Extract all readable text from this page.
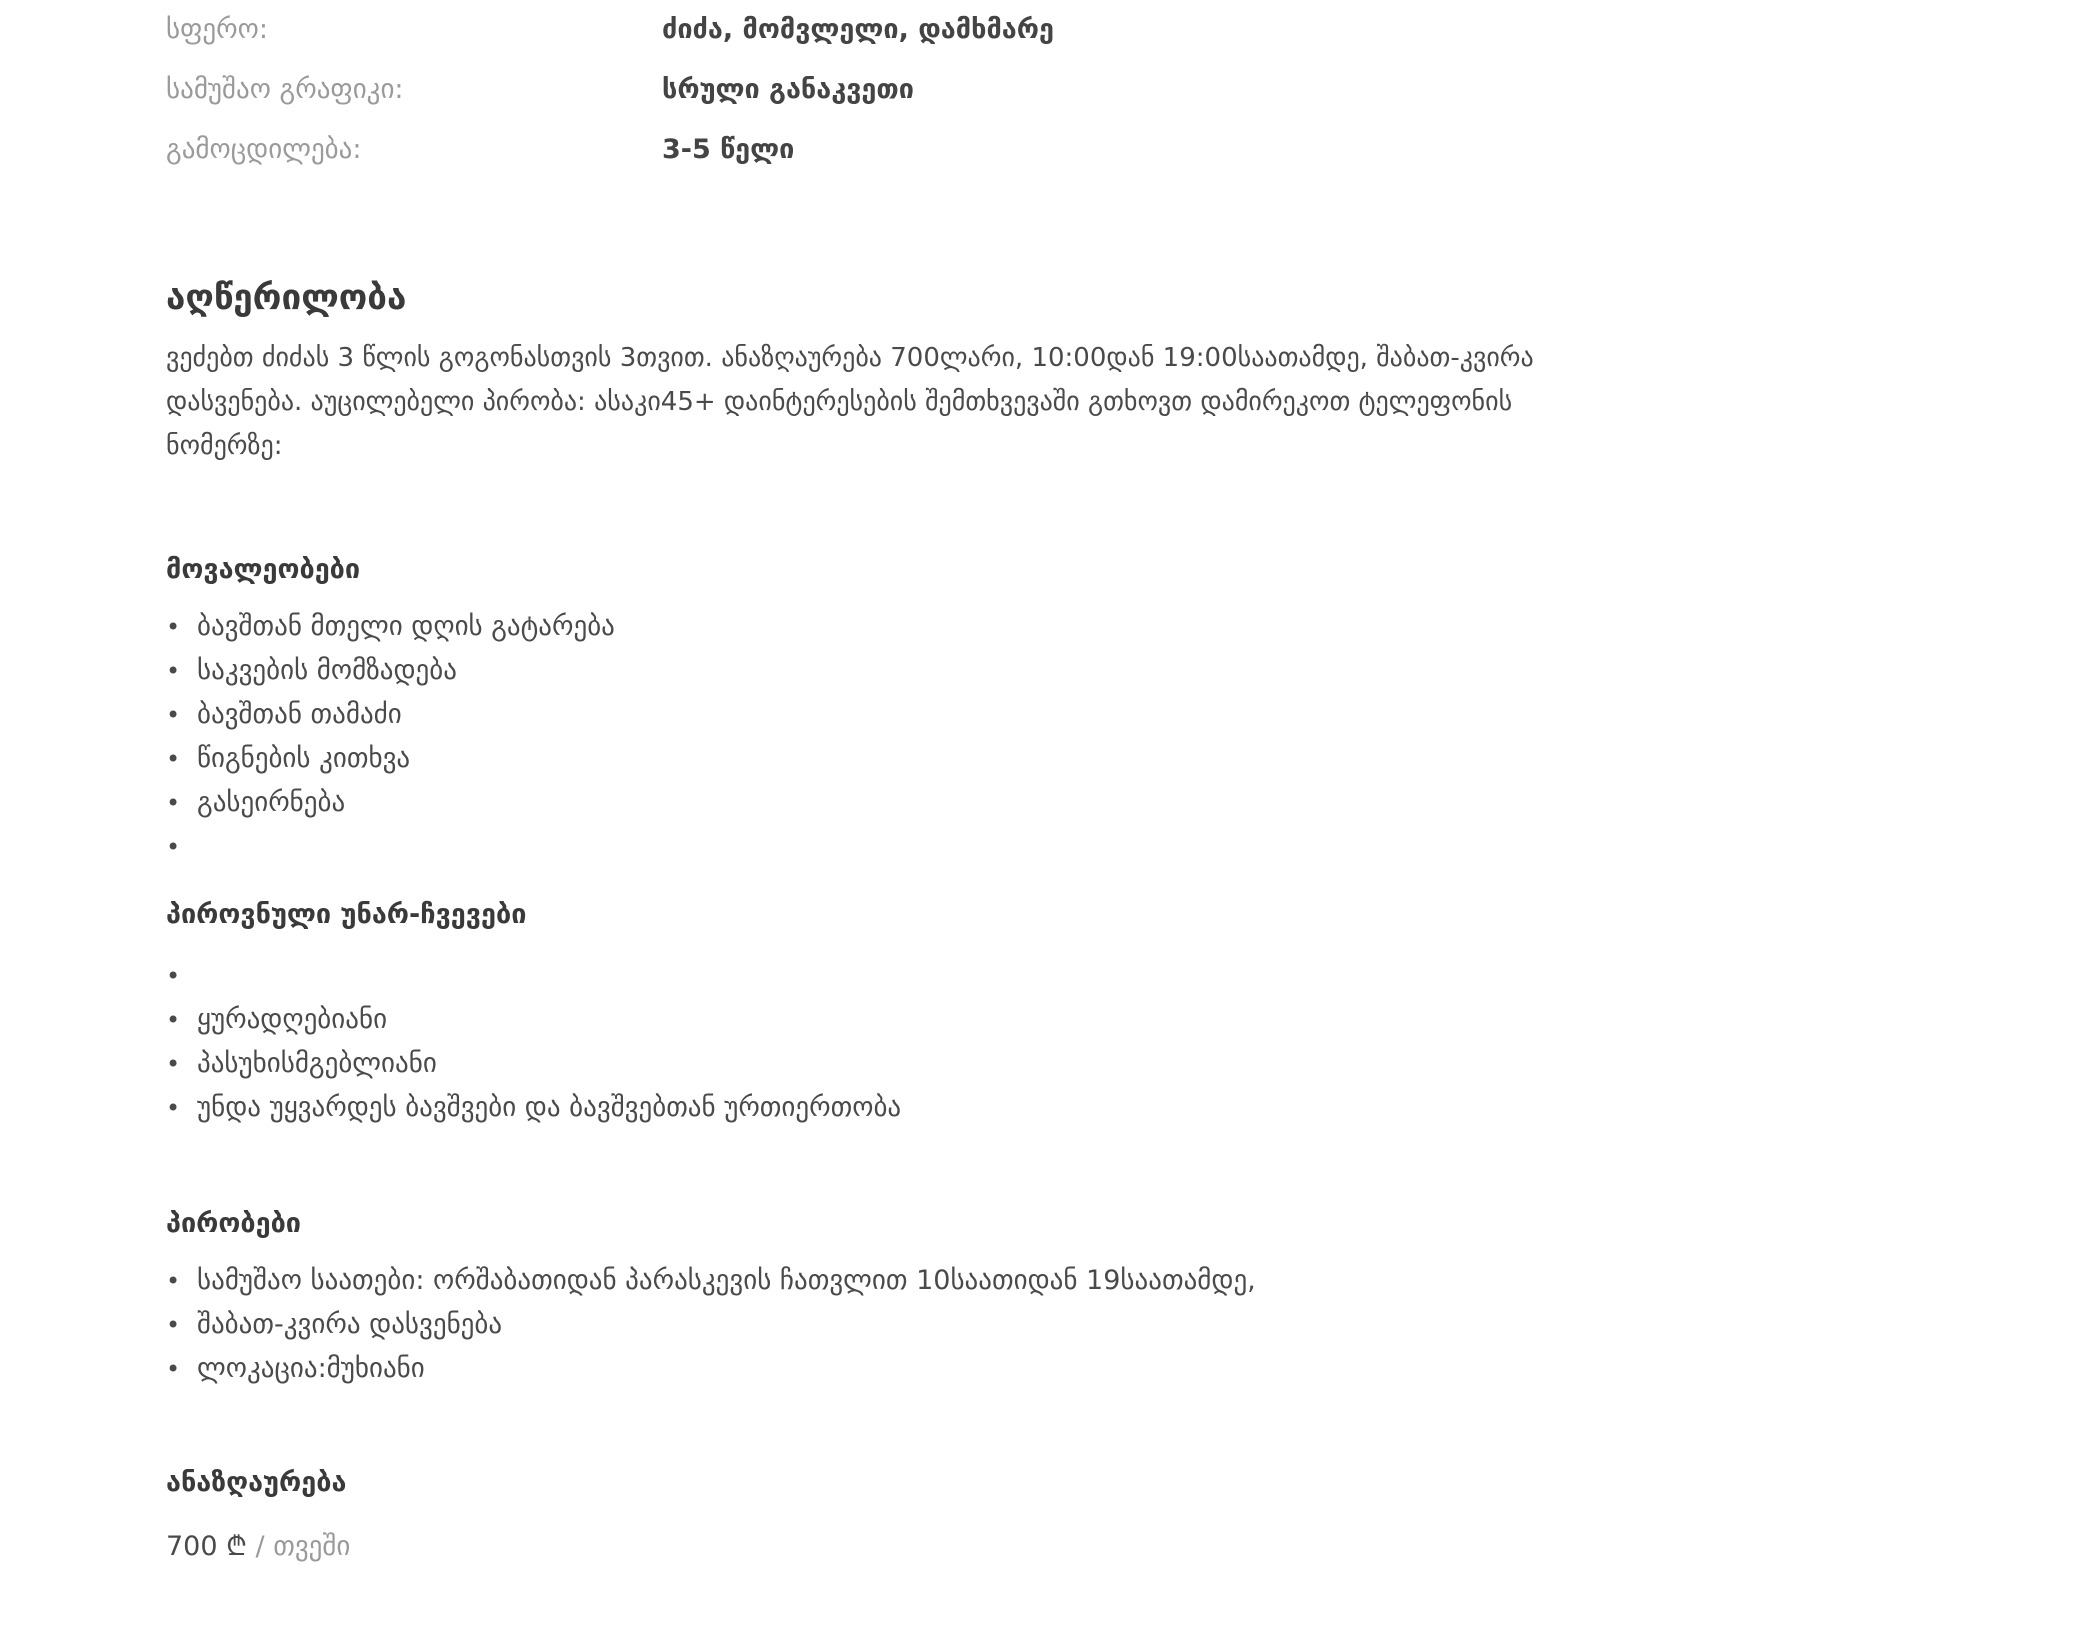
სფერო:	ძიძა, მომვლელი, დამხმარე
სამუშაო გრაფიკი:	სრული განაკვეთი
გამოცდილება:	3-5 წელი
აღწერილობა

ვეძებთ ძიძას 3 წლის გოგონასთვის 3თვით. ანაზღაურება 700ლარი, 10:00დან 19:00საათამდე, შაბათ-კვირა დასვენება. აუცილებელი პირობა: ასაკი45+ დაინტერესების შემთხვევაში გთხოვთ დამირეკოთ ტელეფონის ნომერზე:

მოვალეობები
• ბავშთან მთელი დღის გატარება
• საკვების მომზადება
• ბავშთან თამაძი
• წიგნების კითხვა
• გასეირნება
•
პიროვნული უნარ-ჩვევები
•
• ყურადღებიანი
• პასუხისმგებლიანი
• უნდა უყვარდეს ბავშვები და ბავშვებთან ურთიერთობა
პირობები
• სამუშაო საათები: ორშაბათიდან პარასკევის ჩათვლით 10საათიდან 19საათამდე,
• შაბათ-კვირა დასვენება
• ლოკაცია:მუხიანი
ანაზღაურება
700 ₾ / თვეში
